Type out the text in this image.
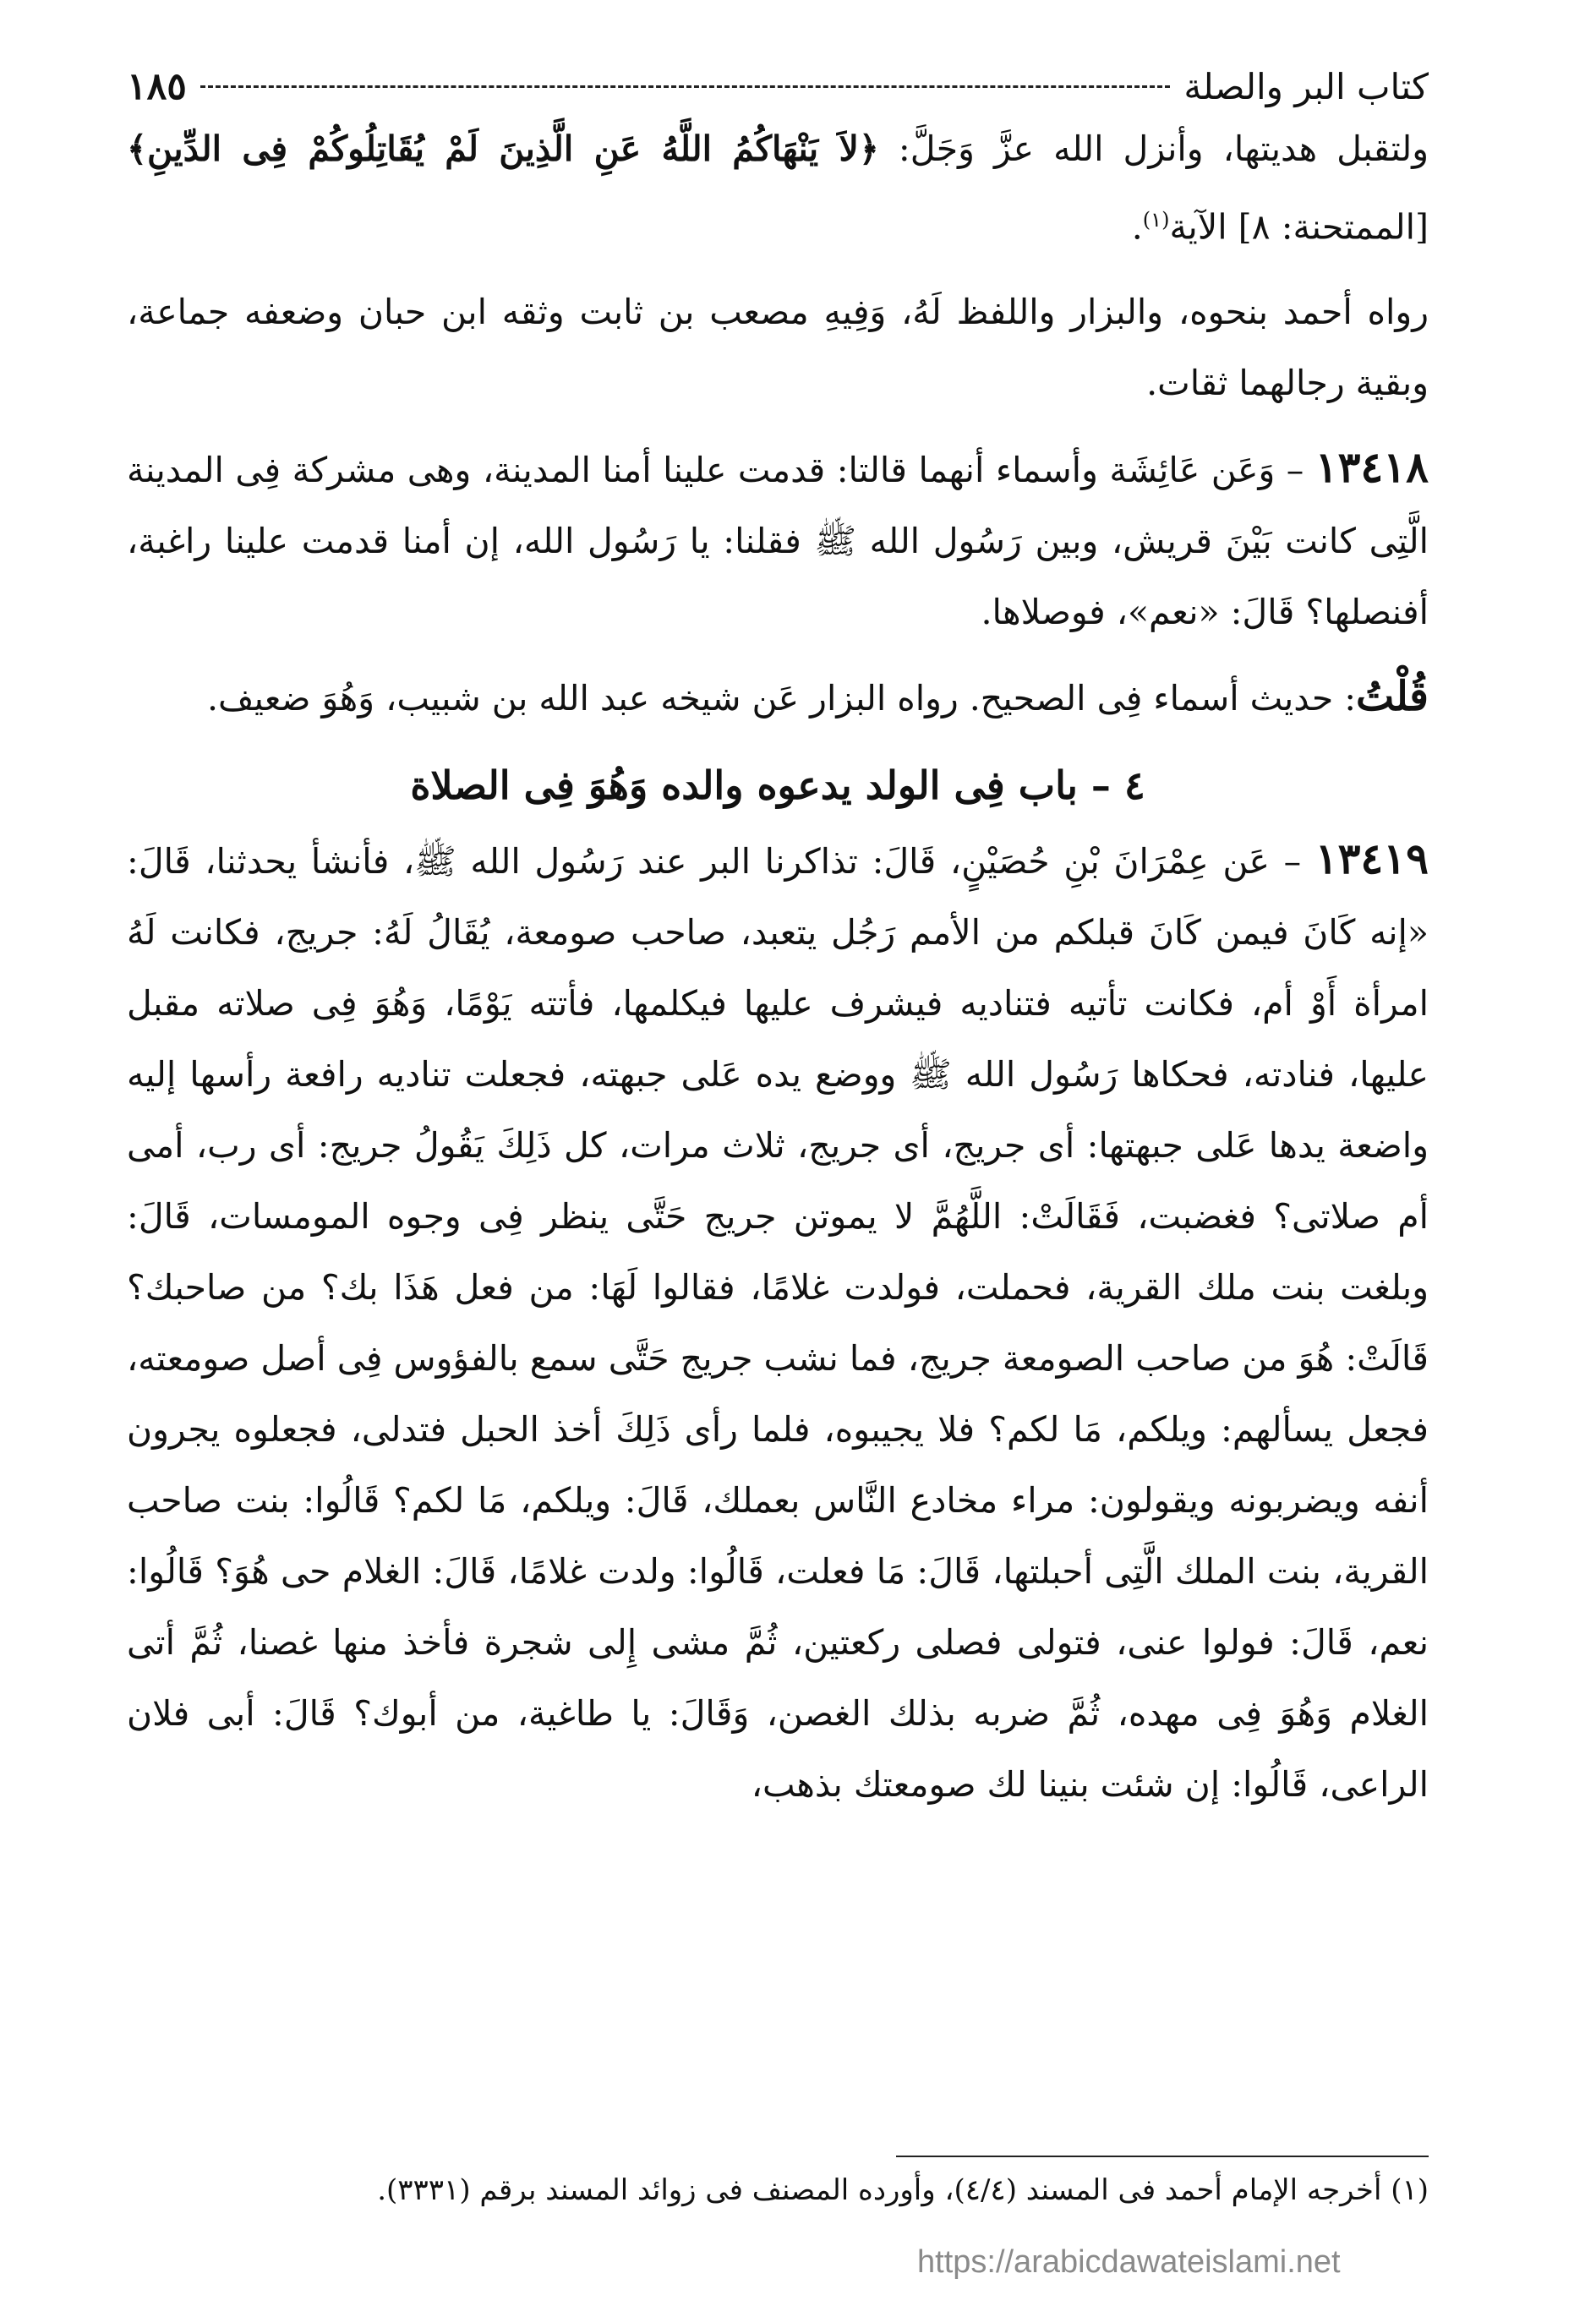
كتاب البر والصلة
١٨٥

ولتقبل هديتها، وأنزل الله عزَّ وَجَلَّ: ﴿لاَ يَنْهَاكُمُ اللَّهُ عَنِ الَّذِينَ لَمْ يُقَاتِلُوكُمْ فِى الدِّينِ﴾ [الممتحنة: ٨] الآية$^{(١)}$.

رواه أحمد بنحوه، والبزار واللفظ لَهُ، وَفِيهِ مصعب بن ثابت وثقه ابن حبان وضعفه جماعة، وبقية رجالهما ثقات.

١٣٤١٨ – وَعَن عَائِشَة وأسماء أنهما قالتا: قدمت علينا أمنا المدينة، وهى مشركة فِى المدينة الَّتِى كانت بَيْنَ قريش، وبين رَسُول الله ﷺ فقلنا: يا رَسُول الله، إن أمنا قدمت علينا راغبة، أفنصلها؟ قَالَ: «نعم»، فوصلاها.

قُلْتُ: حديث أسماء فِى الصحيح. رواه البزار عَن شيخه عبد الله بن شبيب، وَهُوَ ضعيف.

٤ – باب فِى الولد يدعوه والده وَهُوَ فِى الصلاة

١٣٤١٩ – عَن عِمْرَانَ بْنِ حُصَيْنٍ، قَالَ: تذاكرنا البر عند رَسُول الله ﷺ، فأنشأ يحدثنا، قَالَ: «إنه كَانَ فيمن كَانَ قبلكم من الأمم رَجُل يتعبد، صاحب صومعة، يُقَالُ لَهُ: جريج، فكانت لَهُ امرأة أَوْ أم، فكانت تأتيه فتناديه فيشرف عليها فيكلمها، فأتته يَوْمًا، وَهُوَ فِى صلاته مقبل عليها، فنادته، فحكاها رَسُول الله ﷺ ووضع يده عَلى جبهته، فجعلت تناديه رافعة رأسها إليه واضعة يدها عَلى جبهتها: أى جريج، أى جريج، ثلاث مرات، كل ذَلِكَ يَقُولُ جريج: أى رب، أمى أم صلاتى؟ فغضبت، فَقَالَتْ: اللَّهُمَّ لا يموتن جريج حَتَّى ينظر فِى وجوه المومسات، قَالَ: وبلغت بنت ملك القرية، فحملت، فولدت غلامًا، فقالوا لَهَا: من فعل هَذَا بك؟ من صاحبك؟ قَالَتْ: هُوَ من صاحب الصومعة جريج، فما نشب جريج حَتَّى سمع بالفؤوس فِى أصل صومعته، فجعل يسألهم: ويلكم، مَا لكم؟ فلا يجيبوه، فلما رأى ذَلِكَ أخذ الحبل فتدلى، فجعلوه يجرون أنفه ويضربونه ويقولون: مراء مخادع النَّاس بعملك، قَالَ: ويلكم، مَا لكم؟ قَالُوا: بنت صاحب القرية، بنت الملك الَّتِى أحبلتها، قَالَ: مَا فعلت، قَالُوا: ولدت غلامًا، قَالَ: الغلام حى هُوَ؟ قَالُوا: نعم، قَالَ: فولوا عنى، فتولى فصلى ركعتين، ثُمَّ مشى إِلى شجرة فأخذ منها غصنا، ثُمَّ أتى الغلام وَهُوَ فِى مهده، ثُمَّ ضربه بذلك الغصن، وَقَالَ: يا طاغية، من أبوك؟ قَالَ: أبى فلان الراعى، قَالُوا: إن شئت بنينا لك صومعتك بذهب،

(١) أخرجه الإمام أحمد فى المسند (٤/٤)، وأورده المصنف فى زوائد المسند برقم (٣٣٣١).
https://arabicdawateislami.net
